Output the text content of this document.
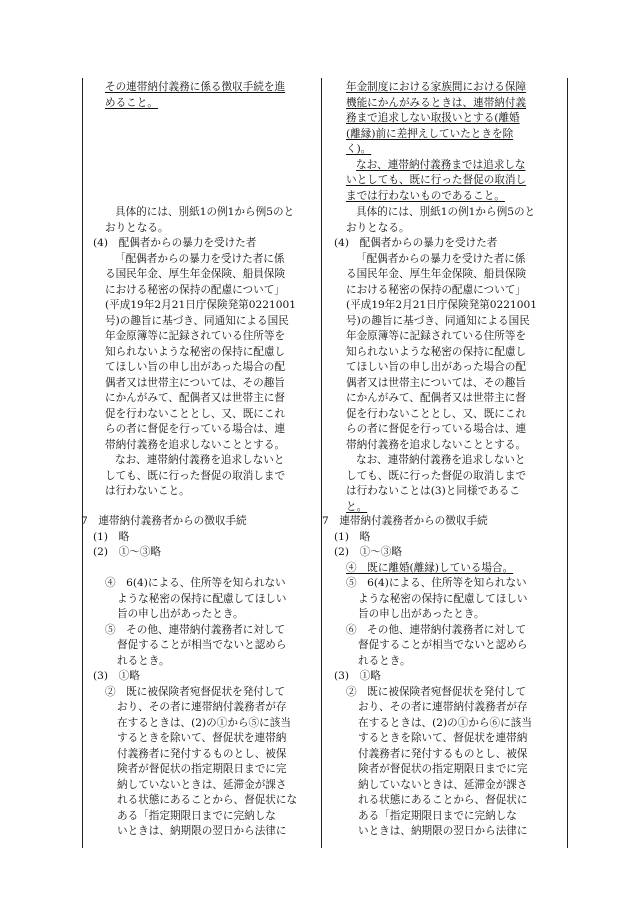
その連帯納付義務に係る徴収手続を進
めること。
具体的には、別紙1の例1から例5のと
おりとなる。
(4)　配偶者からの暴力を受けた者
「配偶者からの暴力を受けた者に係
る国民年金、厚生年金保険、船員保険
における秘密の保持の配慮について」
(平成19年2月21日庁保険発第0221001
号)の趣旨に基づき、同通知による国民
年金原簿等に記録されている住所等を
知られないような秘密の保持に配慮し
てほしい旨の申し出があった場合の配
偶者又は世帯主については、その趣旨
にかんがみて、配偶者又は世帯主に督
促を行わないこととし、又、既にこれ
らの者に督促を行っている場合は、連
帯納付義務を追求しないこととする。
なお、連帯納付義務を追求しないと
しても、既に行った督促の取消しまで
は行わないこと。
7　連帯納付義務者からの徴収手続
(1)　略
(2)　①～③略
④　6(4)による、住所等を知られない
ような秘密の保持に配慮してほしい
旨の申し出があったとき。
⑤　その他、連帯納付義務者に対して
督促することが相当でないと認めら
れるとき。
(3)　①略
②　既に被保険者宛督促状を発付して
おり、その者に連帯納付義務者が存
在するときは、(2)の①から⑤に該当
するときを除いて、督促状を連帯納
付義務者に発付するものとし、被保
険者が督促状の指定期限日までに完
納していないときは、延滞金が課さ
れる状態にあることから、督促状にな
ある「指定期限日までに完納しな
いときは、納期限の翌日から法律に
年金制度における家族間における保障
機能にかんがみるときは、連帯納付義
務まで追求しない取扱いとする(離婚
(離縁)前に差押えしていたときを除
く)。
なお、連帯納付義務までは追求しな
いとしても、既に行った督促の取消し
までは行わないものであること。
具体的には、別紙1の例1から例5のと
おりとなる。
(4)　配偶者からの暴力を受けた者
「配偶者からの暴力を受けた者に係
る国民年金、厚生年金保険、船員保険
における秘密の保持の配慮について」
(平成19年2月21日庁保険発第0221001
号)の趣旨に基づき、同通知による国民
年金原簿等に記録されている住所等を
知られないような秘密の保持に配慮し
てほしい旨の申し出があった場合の配
偶者又は世帯主については、その趣旨
にかんがみて、配偶者又は世帯主に督
促を行わないこととし、又、既にこれ
らの者に督促を行っている場合は、連
帯納付義務を追求しないこととする。
なお、連帯納付義務を追求しないと
しても、既に行った督促の取消しまで
は行わないことは(3)と同様であるこ
と。
7　連帯納付義務者からの徴収手続
(1)　略
(2)　①～③略
④　既に離婚(離縁)している場合。
⑤　6(4)による、住所等を知られない
ような秘密の保持に配慮してほしい
旨の申し出があったとき。
⑥　その他、連帯納付義務者に対して
督促することが相当でないと認めら
れるとき。
(3)　①略
②　既に被保険者宛督促状を発付して
おり、その者に連帯納付義務者が存
在するときは、(2)の①から⑥に該当
するときを除いて、督促状を連帯納
付義務者に発付するものとし、被保
険者が督促状の指定期限日までに完
納していないときは、延滞金が課さ
れる状態にあることから、督促状に
ある「指定期限日までに完納しな
いときは、納期限の翌日から法律に
